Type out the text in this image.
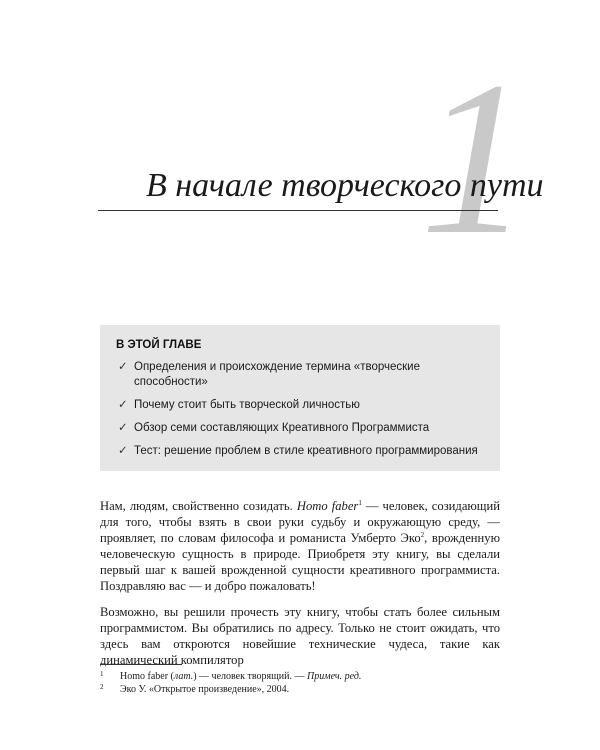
1
В начале творческого пути
В ЭТОЙ ГЛАВЕ
✓ Определения и происхождение термина «творческие способности»
✓ Почему стоит быть творческой личностью
✓ Обзор семи составляющих Креативного Программиста
✓ Тест: решение проблем в стиле креативного программирования

Нам, людям, свойственно созидать. Homo faber$^1$ — человек, созидающий для того, чтобы взять в свои руки судьбу и окружающую среду, — проявляет, по словам философа и романиста Умберто Эко$^2$, врожденную человеческую сущность в природе. Приобретя эту книгу, вы сделали первый шаг к вашей врожденной сущности креативного программиста. Поздравляю вас — и добро пожаловать!

Возможно, вы решили прочесть эту книгу, чтобы стать более сильным программистом. Вы обратились по адресу. Только не стоит ожидать, что здесь вам откроются новейшие технические чудеса, такие как динамический компилятор

1 Homo faber (лат.) — человек творящий. — Примеч. ред.
2 Эко У. «Открытое произведение», 2004.
